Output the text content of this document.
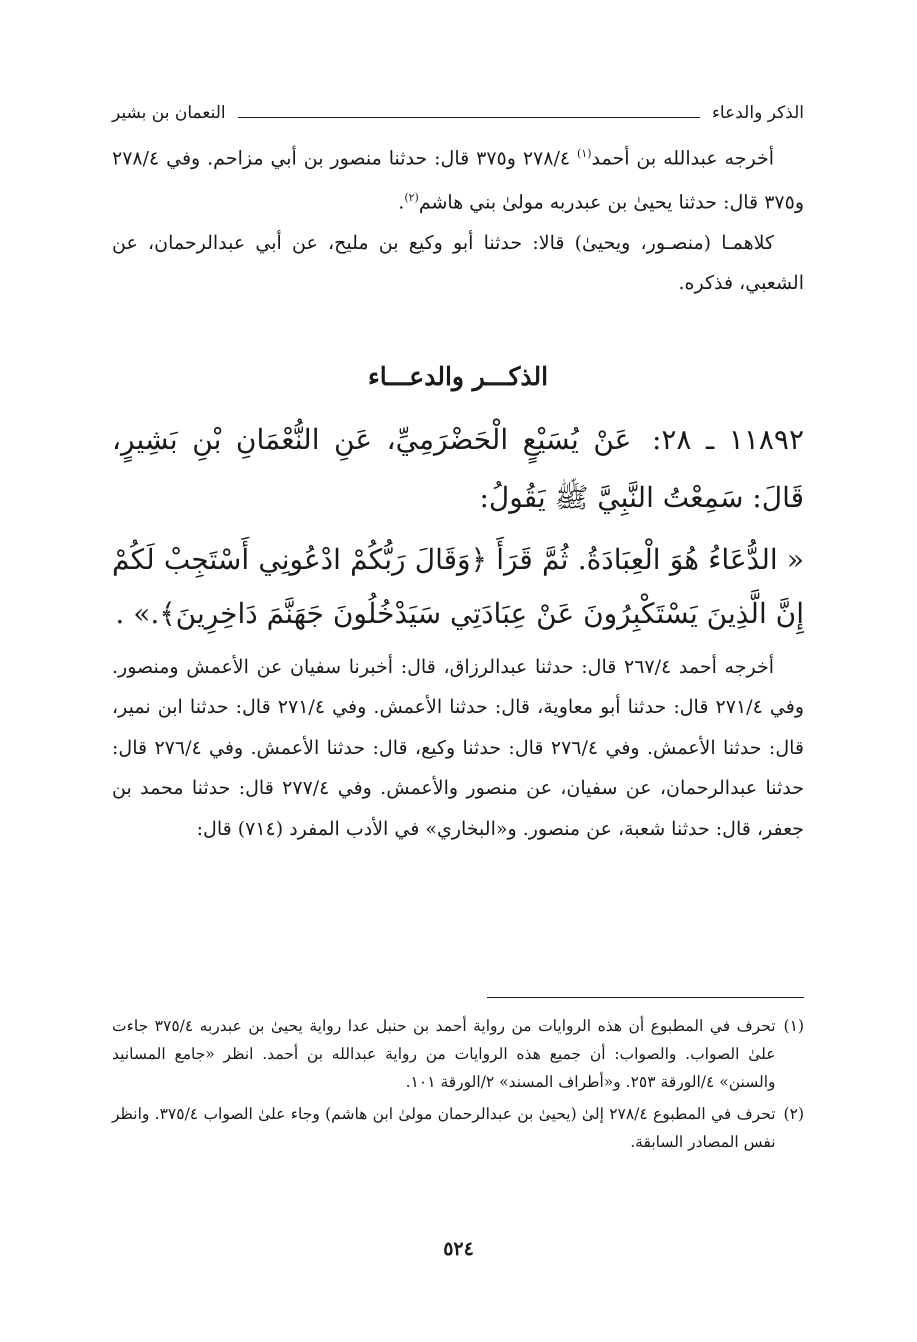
الذكر والدعاء
النعمان بن بشير

أخرجه عبدالله بن أحمد$^{(١)}$ ٢٧٨/٤ و٣٧٥ قال: حدثنا منصور بن أبي مزاحم. وفي ٢٧٨/٤ و٣٧٥ قال: حدثنا يحيىٰ بن عبدربه مولىٰ بني هاشم$^{(٢)}$.

كلاهمـا (منصـور، ويحيىٰ) قالا: حدثنا أبو وكيع بن مليح، عن أبي عبدالرحمان، عن الشعبي، فذكره.

الذكـــر والدعـــاء

١١٨٩٢ ـ ٢٨: عَنْ يُسَيْعٍ الْحَضْرَمِيِّ، عَنِ النُّعْمَانِ بْنِ بَشِيرٍ، قَالَ: سَمِعْتُ النَّبِيَّ ﷺ يَقُولُ:

« الدُّعَاءُ هُوَ الْعِبَادَةُ. ثُمَّ قَرَأَ ﴿وَقَالَ رَبُّكُمْ ادْعُونِي أَسْتَجِبْ لَكُمْ إِنَّ الَّذِينَ يَسْتَكْبِرُونَ عَنْ عِبَادَتِي سَيَدْخُلُونَ جَهَنَّمَ دَاخِرِينَ﴾.» .

أخرجه أحمد ٢٦٧/٤ قال: حدثنا عبدالرزاق، قال: أخبرنا سفيان عن الأعمش ومنصور. وفي ٢٧١/٤ قال: حدثنا أبو معاوية، قال: حدثنا الأعمش. وفي ٢٧١/٤ قال: حدثنا ابن نمير، قال: حدثنا الأعمش. وفي ٢٧٦/٤ قال: حدثنا وكيع، قال: حدثنا الأعمش. وفي ٢٧٦/٤ قال: حدثنا عبدالرحمان، عن سفيان، عن منصور والأعمش. وفي ٢٧٧/٤ قال: حدثنا محمد بن جعفر، قال: حدثنا شعبة، عن منصور. و«البخاري» في الأدب المفرد (٧١٤) قال:

(١)
تحرف في المطبوع أن هذه الروايات من رواية أحمد بن حنبل عدا رواية يحيىٰ بن عبدربه ٣٧٥/٤ جاءت علىٰ الصواب. والصواب: أن جميع هذه الروايات من رواية عبدالله بن أحمد. انظر «جامع المسانيد والسنن» ٤/الورقة ٢٥٣. و«أطراف المسند» ٢/الورقة ١٠١.
(٢)
تحرف في المطبوع ٢٧٨/٤ إلىٰ (يحيىٰ بن عبدالرحمان مولىٰ ابن هاشم) وجاء علىٰ الصواب ٣٧٥/٤. وانظر نفس المصادر السابقة.
٥٢٤
